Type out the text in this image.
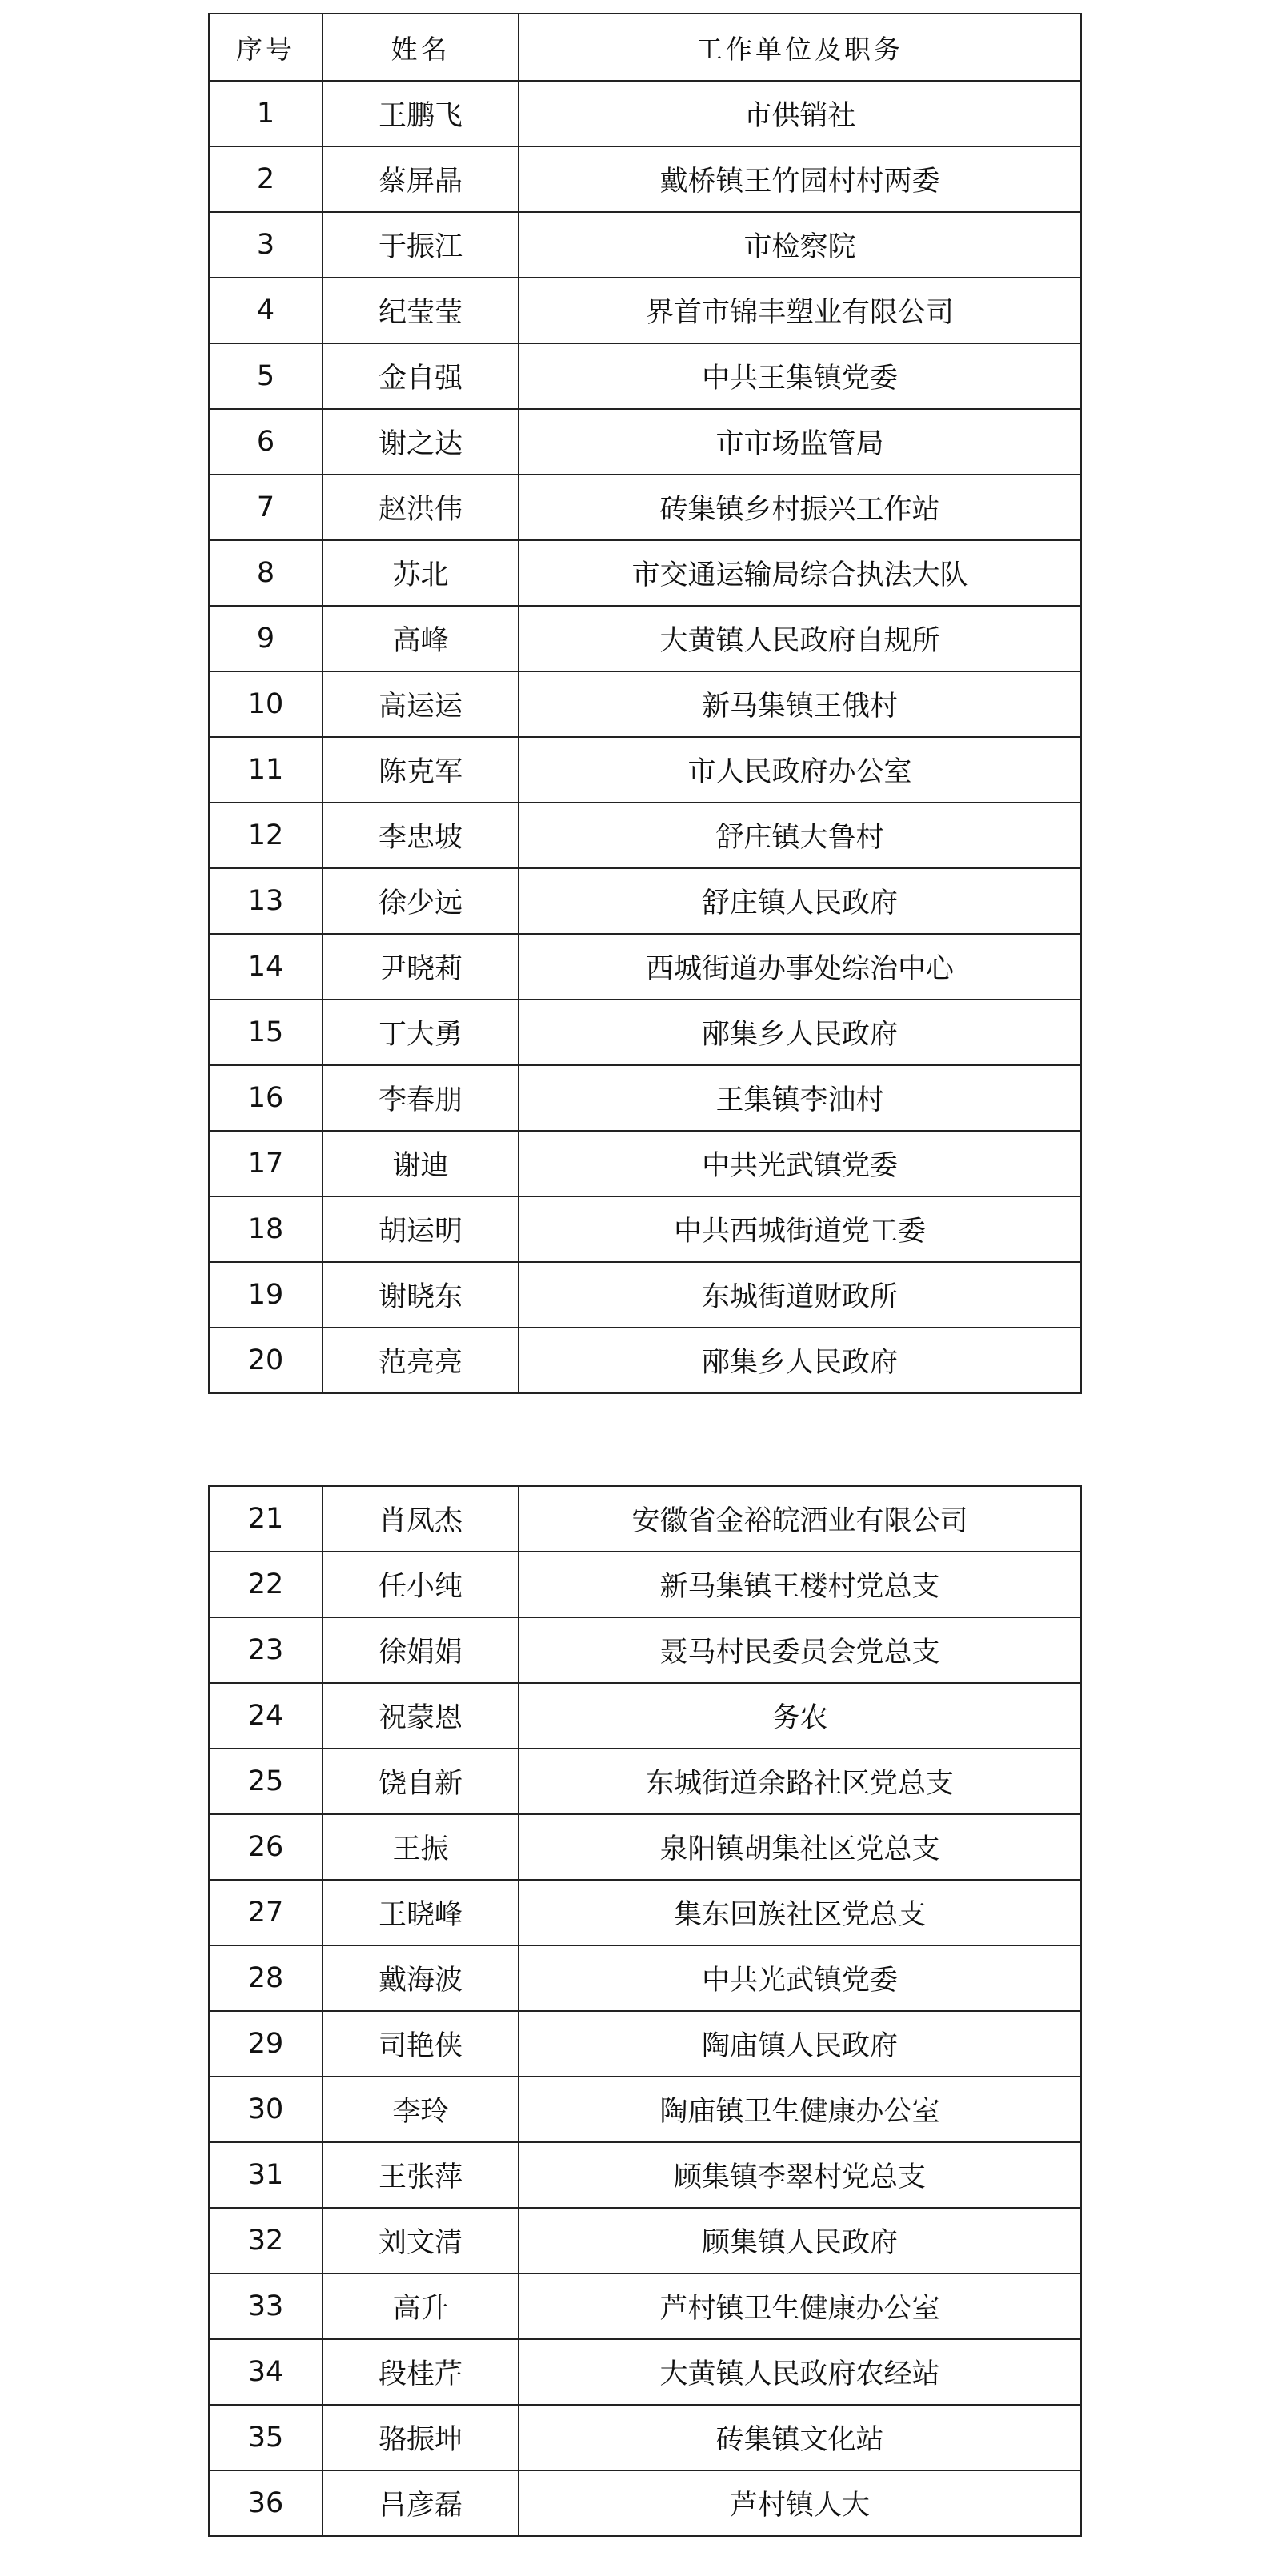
序号	姓名	工作单位及职务
1	王鹏飞	市供销社
2	蔡屏晶	戴桥镇王竹园村村两委
3	于振江	市检察院
4	纪莹莹	界首市锦丰塑业有限公司
5	金自强	中共王集镇党委
6	谢之达	市市场监管局
7	赵洪伟	砖集镇乡村振兴工作站
8	苏北	市交通运输局综合执法大队
9	高峰	大黄镇人民政府自规所
10	高运运	新马集镇王俄村
11	陈克军	市人民政府办公室
12	李忠坡	舒庄镇大鲁村
13	徐少远	舒庄镇人民政府
14	尹晓莉	西城街道办事处综治中心
15	丁大勇	邴集乡人民政府
16	李春朋	王集镇李油村
17	谢迪	中共光武镇党委
18	胡运明	中共西城街道党工委
19	谢晓东	东城街道财政所
20	范亮亮	邴集乡人民政府
21	肖凤杰	安徽省金裕皖酒业有限公司
22	任小纯	新马集镇王楼村党总支
23	徐娟娟	聂马村民委员会党总支
24	祝蒙恩	务农
25	饶自新	东城街道余路社区党总支
26	王振	泉阳镇胡集社区党总支
27	王晓峰	集东回族社区党总支
28	戴海波	中共光武镇党委
29	司艳侠	陶庙镇人民政府
30	李玲	陶庙镇卫生健康办公室
31	王张萍	顾集镇李翠村党总支
32	刘文清	顾集镇人民政府
33	高升	芦村镇卫生健康办公室
34	段桂芹	大黄镇人民政府农经站
35	骆振坤	砖集镇文化站
36	吕彦磊	芦村镇人大
